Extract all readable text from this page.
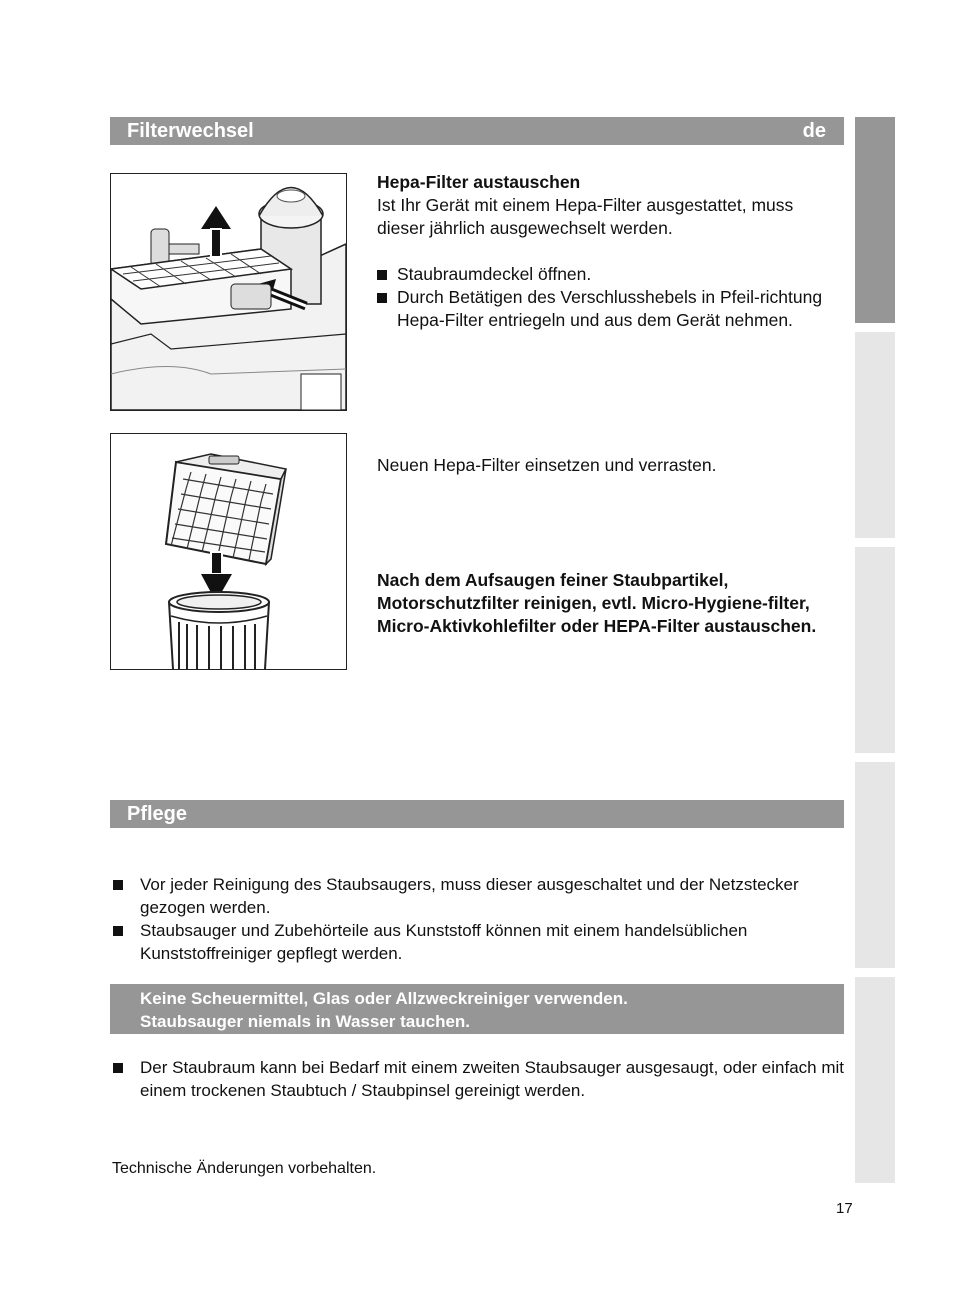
Filterwechsel	de
Hepa-Filter austauschen
Ist Ihr Gerät mit einem Hepa-Filter ausgestattet, muss dieser jährlich ausgewechselt werden.
Staubraumdeckel öffnen.
Durch Betätigen des Verschlusshebels in Pfeil-richtung Hepa-Filter entriegeln und aus dem Gerät nehmen.
Neuen Hepa-Filter einsetzen und verrasten.
Nach dem Aufsaugen feiner Staubpartikel, Motorschutzfilter reinigen, evtl. Micro-Hygiene-filter, Micro-Aktivkohlefilter oder HEPA-Filter austauschen.
Pflege
Vor jeder Reinigung des Staubsaugers, muss dieser ausgeschaltet und der Netzstecker gezogen werden.
Staubsauger und Zubehörteile aus Kunststoff können mit einem handelsüblichen Kunststoffreiniger gepflegt werden.
Keine Scheuermittel, Glas oder Allzweckreiniger verwenden.
Staubsauger niemals in Wasser tauchen.
Der Staubraum kann bei Bedarf mit einem zweiten Staubsauger ausgesaugt, oder einfach mit einem trockenen Staubtuch / Staubpinsel gereinigt werden.
Technische Änderungen vorbehalten.
17
